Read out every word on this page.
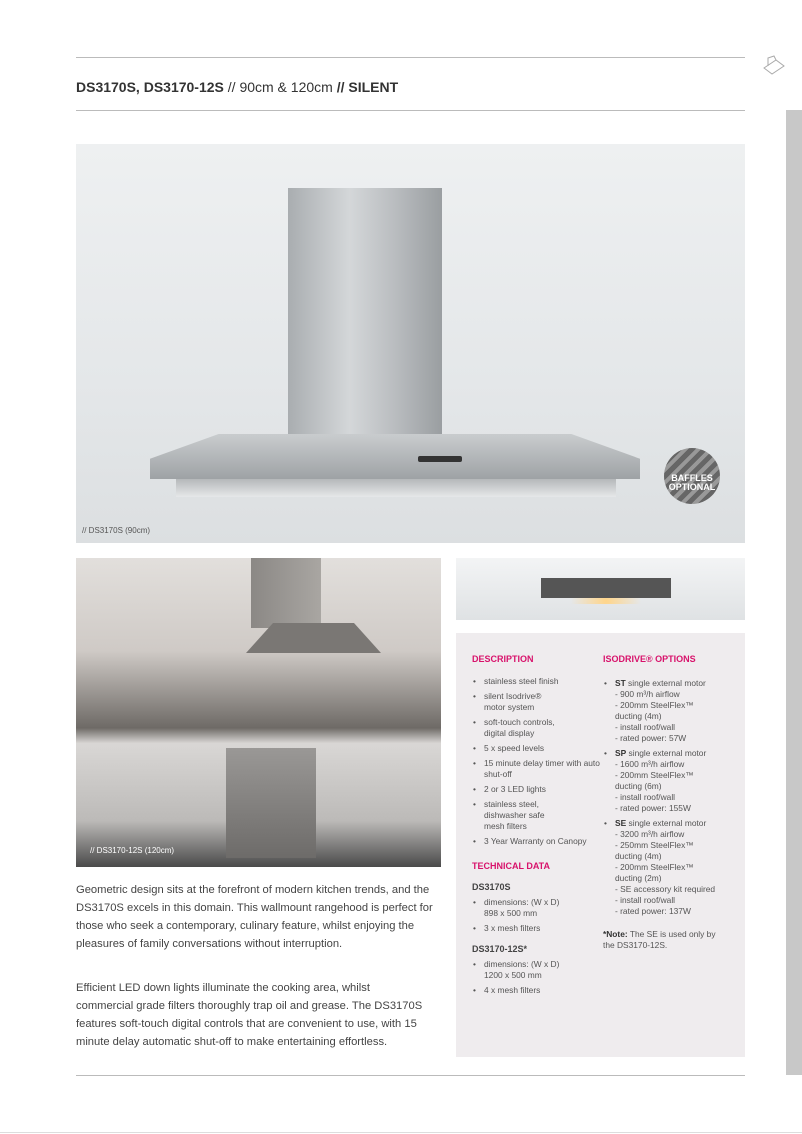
DS3170S, DS3170-12S // 90cm & 120cm // SILENT
BAFFLES
OPTIONAL
// DS3170S (90cm)
// DS3170-12S (120cm)
DESCRIPTION
• stainless steel finish
• silent Isodrive® motor system
• soft-touch controls, digital display
• 5 x speed levels
• 15 minute delay timer with auto shut-off
• 2 or 3 LED lights
• stainless steel, dishwasher safe mesh filters
• 3 Year Warranty on Canopy
TECHNICAL DATA
DS3170S
• dimensions: (W x D) 898 x 500 mm
• 3 x mesh filters
DS3170-12S*
• dimensions: (W x D) 1200 x 500 mm
• 4 x mesh filters
ISODRIVE® OPTIONS
• ST single external motor
- 900 m³/h airflow
- 200mm SteelFlex™ ducting (4m)
- install roof/wall
- rated power: 57W
• SP single external motor
- 1600 m³/h airflow
- 200mm SteelFlex™ ducting (6m)
- install roof/wall
- rated power: 155W
• SE single external motor
- 3200 m³/h airflow
- 250mm SteelFlex™ ducting (4m)
- 200mm SteelFlex™ ducting (2m)
- SE accessory kit required
- install roof/wall
- rated power: 137W
*Note: The SE is used only by the DS3170-12S.

Geometric design sits at the forefront of modern kitchen trends, and the DS3170S excels in this domain. This wallmount rangehood is perfect for those who seek a contemporary, culinary feature, whilst enjoying the pleasures of family conversations without interruption.

Efficient LED down lights illuminate the cooking area, whilst commercial grade filters thoroughly trap oil and grease. The DS3170S features soft-touch digital controls that are convenient to use, with 15 minute delay automatic shut-off to make entertaining effortless.
